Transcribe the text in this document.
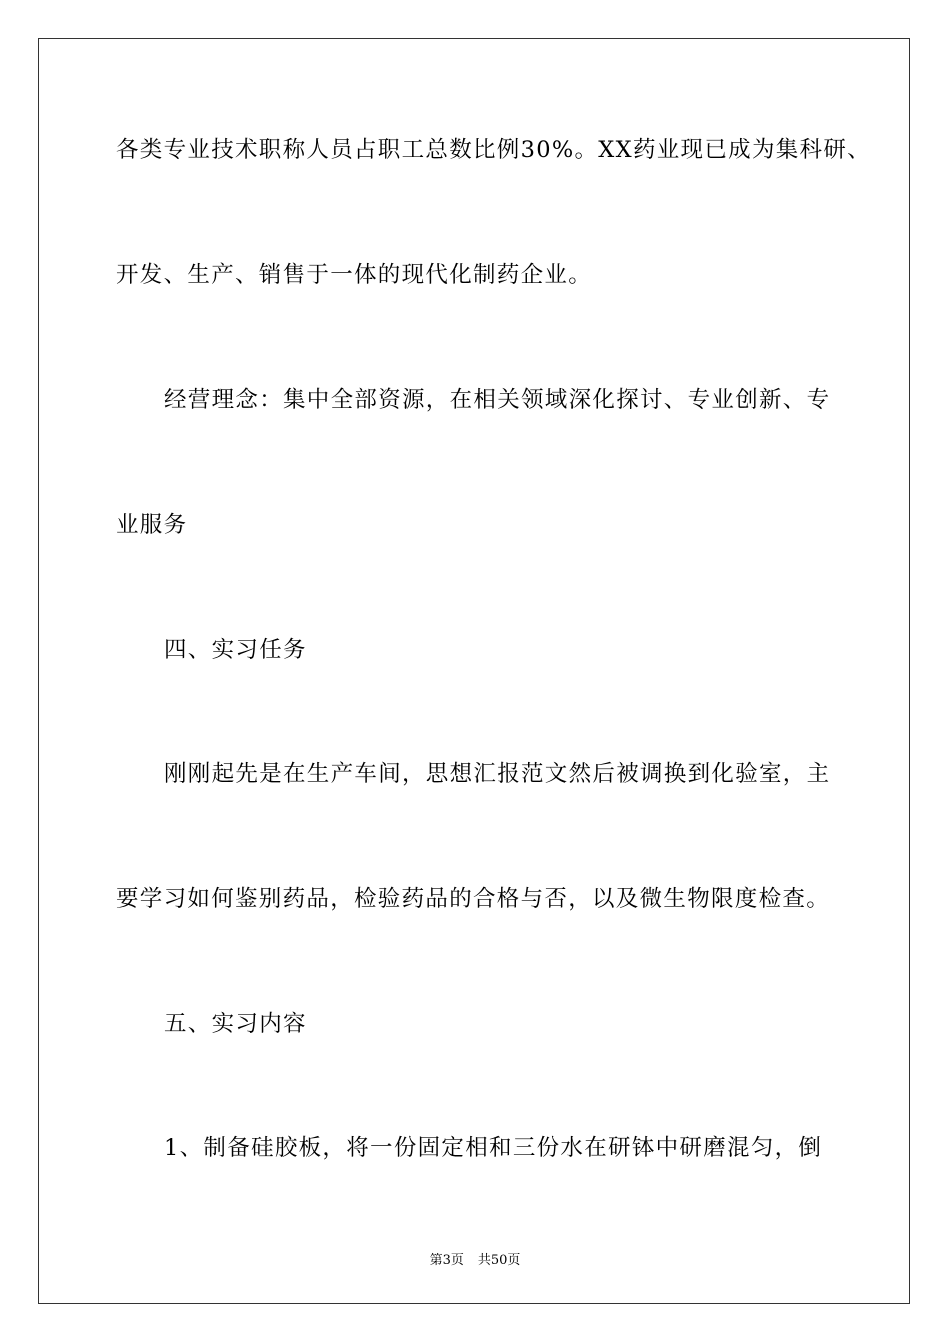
各类专业技术职称人员占职工总数比例30%。XX药业现已成为集科研、
开发、生产、销售于一体的现代化制药企业。
经营理念：集中全部资源，在相关领域深化探讨、专业创新、专
业服务
四、实习任务
刚刚起先是在生产车间，思想汇报范文然后被调换到化验室，主
要学习如何鉴别药品，检验药品的合格与否，以及微生物限度检查。
五、实习内容
1、制备硅胶板，将一份固定相和三份水在研钵中研磨混匀，倒
第3页 共50页
